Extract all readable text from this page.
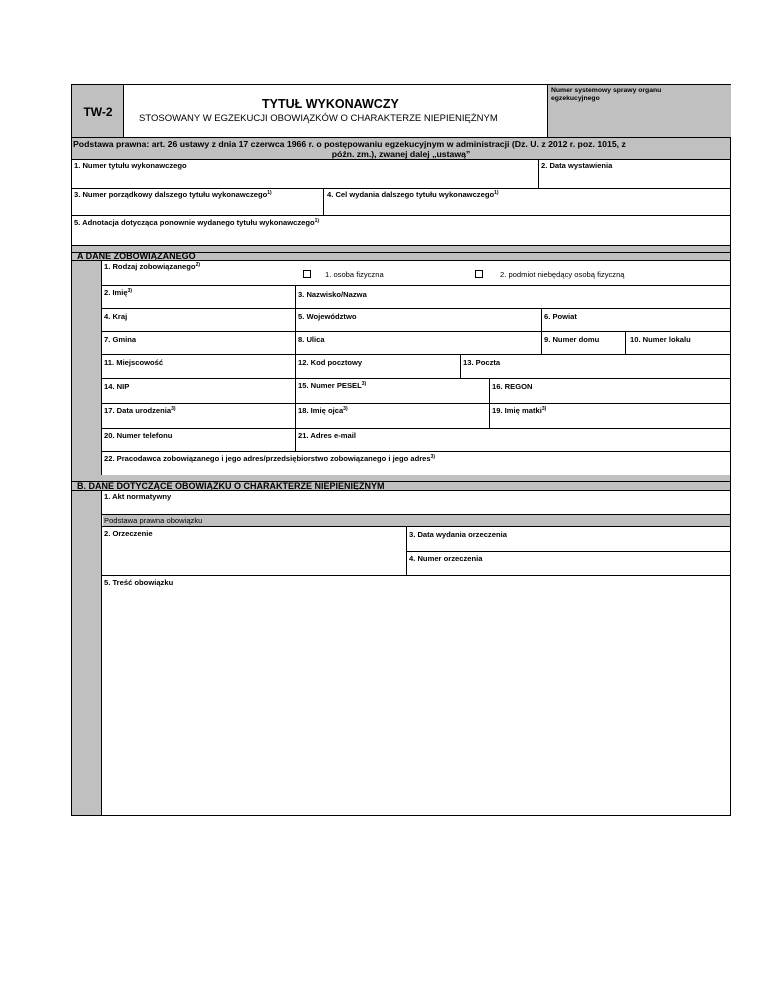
TW-2
TYTUŁ WYKONAWCZY
STOSOWANY W EGZEKUCJI OBOWIĄZKÓW O CHARAKTERZE NIEPIENIĘŻNYM
Numer systemowy sprawy organu egzekucyjnego
Podstawa prawna: art. 26 ustawy z dnia 17 czerwca 1966 r. o postępowaniu egzekucyjnym w administracji (Dz. U. z 2012 r. poz. 1015, z
późn. zm.), zwanej dalej „ustawą”
1. Numer tytułu wykonawczego	2. Data wystawienia
3. Numer porządkowy dalszego tytułu wykonawczego$^{1)}$	4. Cel wydania dalszego tytułu wykonawczego$^{1)}$
5. Adnotacja dotycząca ponownie wydanego tytułu wykonawczego$^{1)}$
A DANE ZOBOWIĄZANEGO
1. Rodzaj zobowiązanego$^{2)}$
1. osoba fizyczna	2. podmiot niebędący osobą fizyczną
2. Imię$^{3)}$	3. Nazwisko/Nazwa
4. Kraj	5. Województwo	6. Powiat
7. Gmina	8. Ulica	9. Numer domu	10. Numer lokalu
11. Miejscowość	12. Kod pocztowy	13. Poczta
14. NIP	15. Numer PESEL$^{3)}$	16. REGON
17. Data urodzenia$^{3)}$	18. Imię ojca$^{3)}$	19. Imię matki$^{3)}$
20. Numer telefonu	21. Adres e-mail
22. Pracodawca zobowiązanego i jego adres/przedsiębiorstwo zobowiązanego i jego adres$^{3)}$
B. DANE DOTYCZĄCE OBOWIĄZKU O CHARAKTERZE NIEPIENIĘŻNYM
1. Akt normatywny
Podstawa prawna obowiązku
2. Orzeczenie	3. Data wydania orzeczenia
4. Numer orzeczenia
5. Treść obowiązku
